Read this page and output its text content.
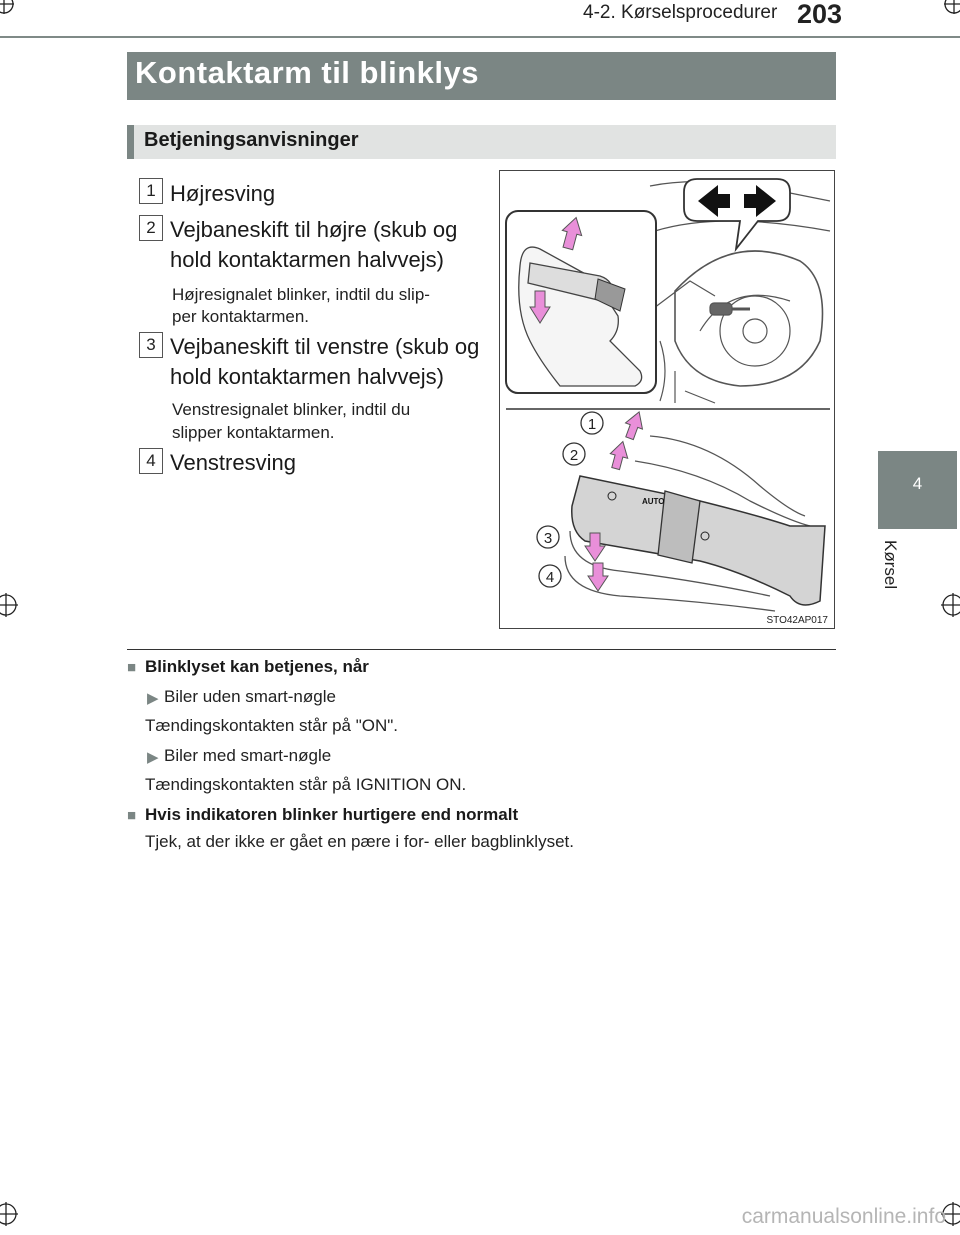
4-2. Kørselsprocedurer 203
4
Kørsel
Kontaktarm til blinklys
Betjeningsanvisninger
1 Højresving
2 Vejbaneskift til højre (skub og
hold kontaktarmen halvvejs)
Højresignalet blinker, indtil du slip-
per kontaktarmen.
3 Vejbaneskift til venstre (skub og
hold kontaktarmen halvvejs)
Venstresignalet blinker, indtil du
slipper kontaktarmen.
4 Venstresving
AUTO
1
2
3
4
STO42AP017
■ Blinklyset kan betjenes, når
▶ Biler uden smart-nøgle
Tændingskontakten står på "ON".
▶ Biler med smart-nøgle
Tændingskontakten står på IGNITION ON.
■ Hvis indikatoren blinker hurtigere end normalt
Tjek, at der ikke er gået en pære i for- eller bagblinklyset.
carmanualsonline.info
